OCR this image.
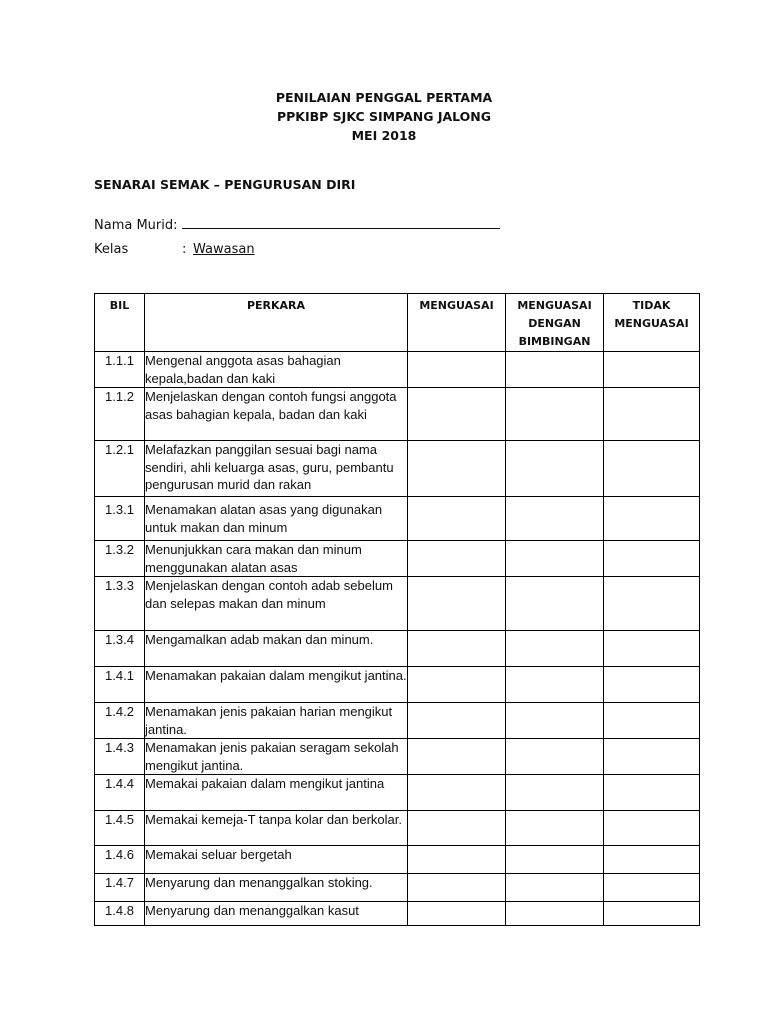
PENILAIAN PENGGAL PERTAMA
PPKIBP SJKC SIMPANG JALONG
MEI 2018
SENARAI SEMAK – PENGURUSAN DIRI
Nama Murid:
Kelas	: Wawasan
BIL	PERKARA	MENGUASAI	MENGUASAI DENGAN BIMBINGAN	TIDAK MENGUASAI
1.1.1	Mengenal anggota asas bahagian kepala,badan dan kaki			
1.1.2	Menjelaskan dengan contoh fungsi anggota asas bahagian kepala, badan dan kaki			
1.2.1	Melafazkan panggilan sesuai bagi nama sendiri, ahli keluarga asas, guru, pembantu pengurusan murid dan rakan			
1.3.1	Menamakan alatan asas yang digunakan untuk makan dan minum			
1.3.2	Menunjukkan cara makan dan minum menggunakan alatan asas			
1.3.3	Menjelaskan dengan contoh adab sebelum dan selepas makan dan minum			
1.3.4	Mengamalkan adab makan dan minum.			
1.4.1	Menamakan pakaian dalam mengikut jantina.			
1.4.2	Menamakan jenis pakaian harian mengikut jantina.			
1.4.3	Menamakan jenis pakaian seragam sekolah mengikut jantina.			
1.4.4	Memakai pakaian dalam mengikut jantina			
1.4.5	Memakai kemeja-T tanpa kolar dan berkolar.			
1.4.6	Memakai seluar bergetah			
1.4.7	Menyarung dan menanggalkan stoking.			
1.4.8	Menyarung dan menanggalkan kasut			
